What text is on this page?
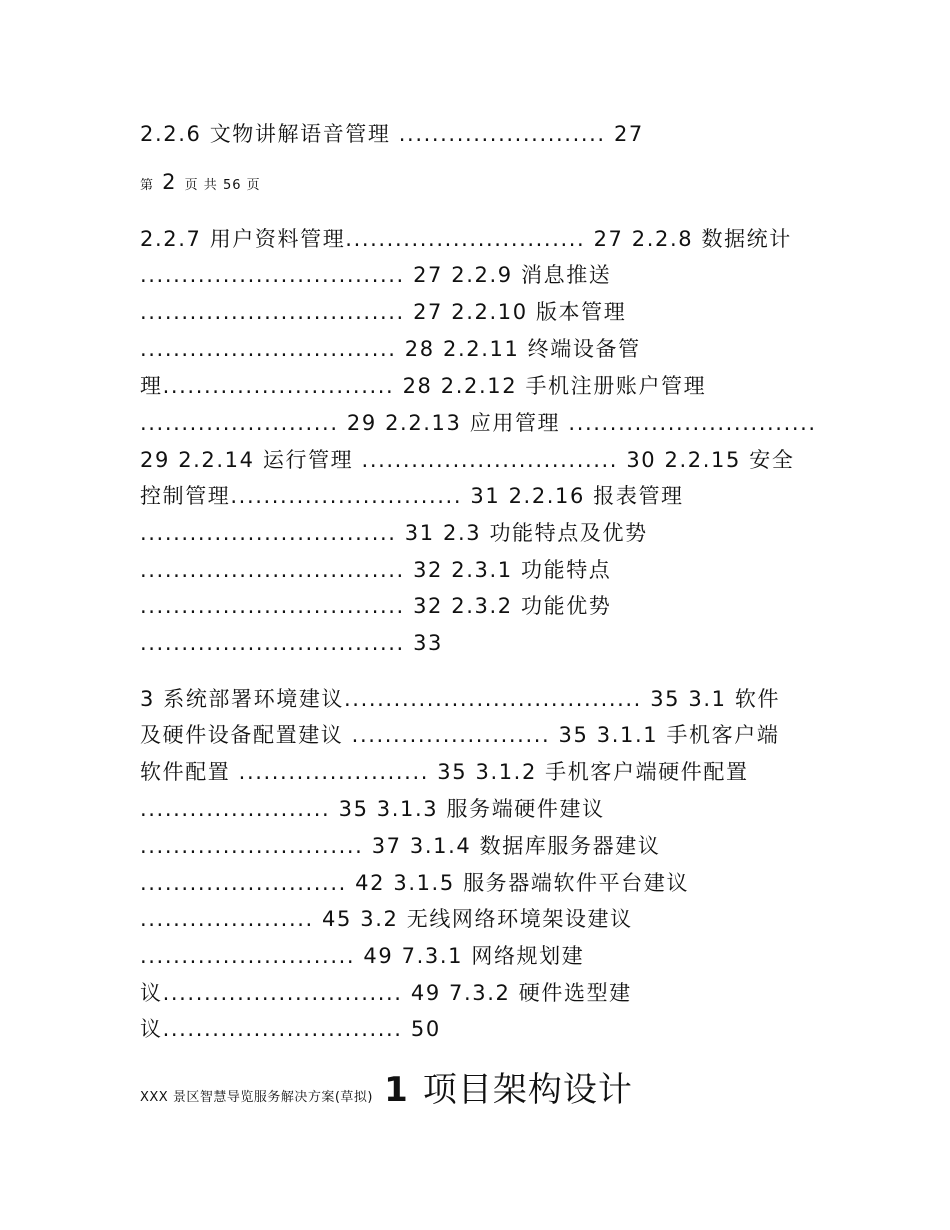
2.2.6 文物讲解语音管理 ......................... 27
第 2 页 共 56 页
2.2.7 用户资料管理............................. 27 2.2.8 数据统计
................................ 27 2.2.9 消息推送
................................ 27 2.2.10 版本管理
............................... 28 2.2.11 终端设备管
理............................ 28 2.2.12 手机注册账户管理
........................ 29 2.2.13 应用管理 ..............................
29 2.2.14 运行管理 ............................... 30 2.2.15 安全
控制管理............................ 31 2.2.16 报表管理
............................... 31 2.3 功能特点及优势
................................ 32 2.3.1 功能特点
................................ 32 2.3.2 功能优势
................................ 33
3 系统部署环境建议.................................... 35 3.1 软件
及硬件设备配置建议 ........................ 35 3.1.1 手机客户端
软件配置 ....................... 35 3.1.2 手机客户端硬件配置
....................... 35 3.1.3 服务端硬件建议
........................... 37 3.1.4 数据库服务器建议
......................... 42 3.1.5 服务器端软件平台建议
..................... 45 3.2 无线网络环境架设建议
.......................... 49 7.3.1 网络规划建
议............................. 49 7.3.2 硬件选型建
议............................. 50
XXX 景区智慧导览服务解决方案(草拟) 1 项目架构设计
